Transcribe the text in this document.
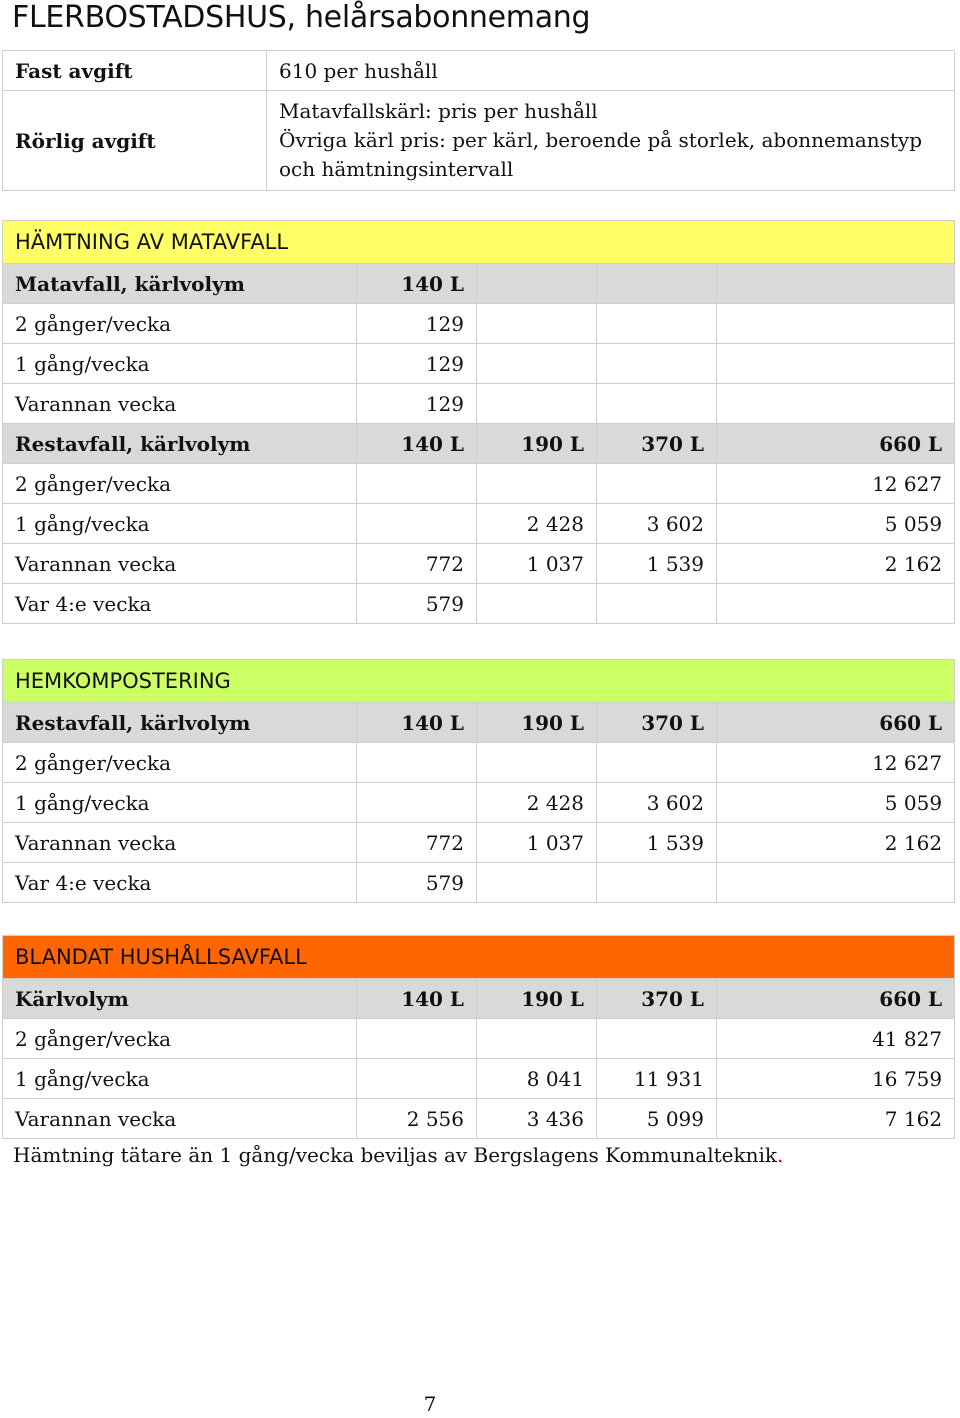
FLERBOSTADSHUS, helårsabonnemang
Fast avgift	610 per hushåll
Rörlig avgift	Matavfallskärl: pris per hushåll
Övriga kärl pris: per kärl, beroende på storlek, abonnemanstyp och hämtningsintervall
HÄMTNING AV MATAVFALL				
Matavfall, kärlvolym	140 L			
2 gånger/vecka	129			
1 gång/vecka	129			
Varannan vecka	129			
Restavfall, kärlvolym	140 L	190 L	370 L	660 L
2 gånger/vecka				12 627
1 gång/vecka		2 428	3 602	5 059
Varannan vecka	772	1 037	1 539	2 162
Var 4:e vecka	579			
HEMKOMPOSTERING				
Restavfall, kärlvolym	140 L	190 L	370 L	660 L
2 gånger/vecka				12 627
1 gång/vecka		2 428	3 602	5 059
Varannan vecka	772	1 037	1 539	2 162
Var 4:e vecka	579			
BLANDAT HUSHÅLLSAVFALL				
Kärlvolym	140 L	190 L	370 L	660 L
2 gånger/vecka				41 827
1 gång/vecka		8 041	11 931	16 759
Varannan vecka	2 556	3 436	5 099	7 162

Hämtning tätare än 1 gång/vecka beviljas av Bergslagens Kommunalteknik.

7
